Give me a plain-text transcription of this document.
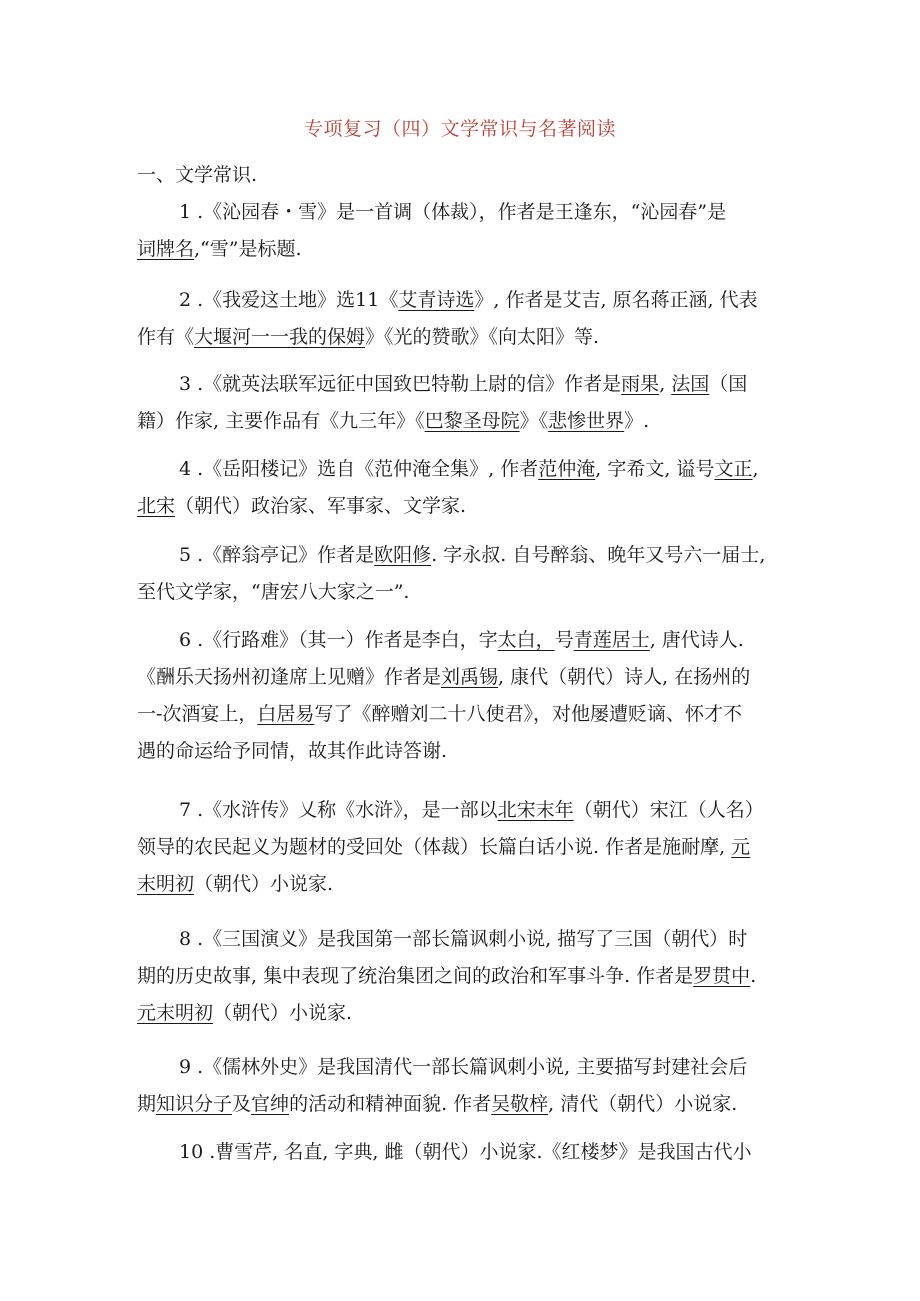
专项复习（四）文学常识与名著阅读
一、文学常识.
1 .《沁园春・雪》是一首调（体裁），作者是王逢东，“沁园春”是
词牌名,“雪”是标题.
2 .《我爱这土地》选11《艾青诗选》, 作者是艾吉, 原名蒋正涵, 代表
作有《大堰河一一我的保姆》《光的赞歌》《向太阳》等.
3 .《就英法联军远征中国致巴特勒上尉的信》作者是雨果, 法国（国
籍）作家, 主要作品有《九三年》《巴黎圣母院》《悲惨世界》.
4 .《岳阳楼记》选自《范仲淹全集》, 作者范仲淹, 字希文, 谥号文正,
北宋（朝代）政治家、军事家、文学家.
5 .《醉翁亭记》作者是欧阳修. 字永叔. 自号醉翁、晚年又号六一届士,
至代文学家，“唐宏八大家之一”.
6 .《行路难》（其一）作者是李白，字太白，号青莲居士, 唐代诗人.
《酬乐天扬州初逢席上见赠》作者是刘禹锡, 康代（朝代）诗人, 在扬州的
一-次酒宴上，白居易写了《醉赠刘二十八使君》，对他屡遭贬谪、怀才不
遇的命运给予同情，故其作此诗答谢.
7 .《水浒传》乂称《水浒》，是一部以北宋末年（朝代）宋江（人名）
领导的农民起义为题材的受回处（体裁）长篇白话小说. 作者是施耐摩, 元
末明初（朝代）小说家.
8 .《三国演义》是我国第一部长篇讽刺小说, 描写了三国（朝代）时
期的历史故事, 集中表现了统治集团之间的政治和军事斗争. 作者是罗贯中.
元末明初（朝代）小说家.
9 .《儒林外史》是我国清代一部长篇讽刺小说, 主要描写封建社会后
期知识分子及官绅的活动和精神面貌. 作者吴敬梓, 清代（朝代）小说家.
10 .曹雪芹, 名直, 字典, 雌（朝代）小说家.《红楼梦》是我国古代小
